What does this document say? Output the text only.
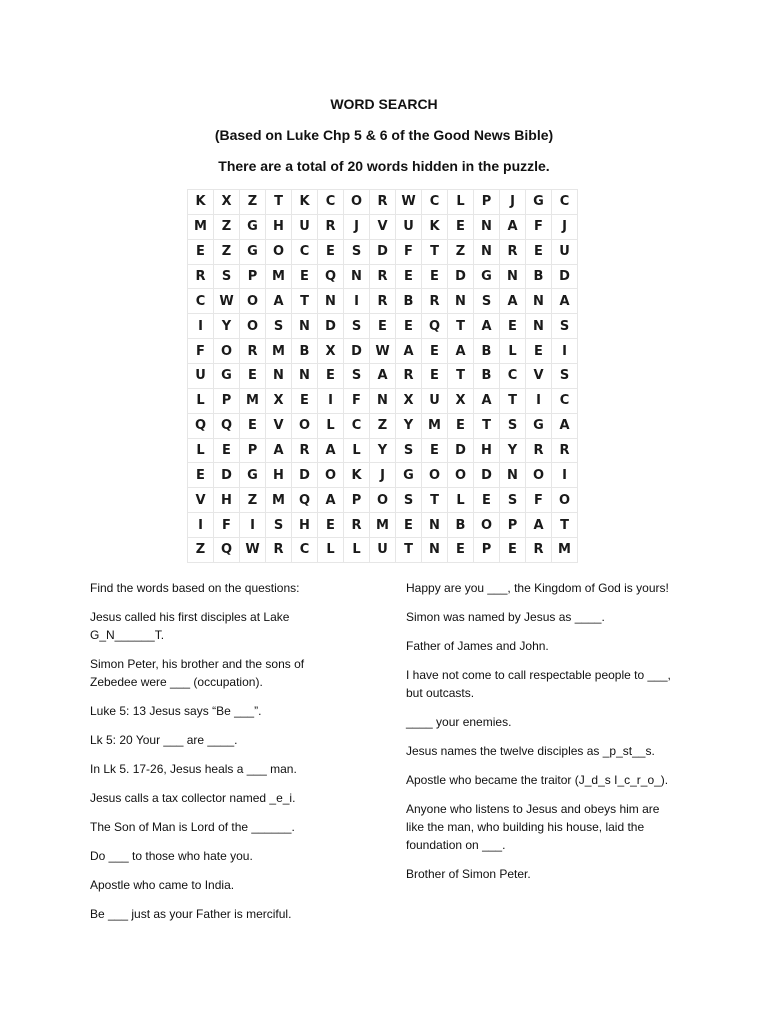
WORD SEARCH
(Based on Luke Chp 5 & 6 of the Good News Bible)
There are a total of 20 words hidden in the puzzle.
K	X	Z	T	K	C	O	R	W	C	L	P	J	G	C
M	Z	G	H	U	R	J	V	U	K	E	N	A	F	J
E	Z	G	O	C	E	S	D	F	T	Z	N	R	E	U
R	S	P	M	E	Q	N	R	E	E	D	G	N	B	D
C	W	O	A	T	N	I	R	B	R	N	S	A	N	A
I	Y	O	S	N	D	S	E	E	Q	T	A	E	N	S
F	O	R	M	B	X	D	W	A	E	A	B	L	E	I
U	G	E	N	N	E	S	A	R	E	T	B	C	V	S
L	P	M	X	E	I	F	N	X	U	X	A	T	I	C
Q	Q	E	V	O	L	C	Z	Y	M	E	T	S	G	A
L	E	P	A	R	A	L	Y	S	E	D	H	Y	R	R
E	D	G	H	D	O	K	J	G	O	O	D	N	O	I
V	H	Z	M	Q	A	P	O	S	T	L	E	S	F	O
I	F	I	S	H	E	R	M	E	N	B	O	P	A	T
Z	Q	W	R	C	L	L	U	T	N	E	P	E	R	M
Find the words based on the questions:
Jesus called his first disciples at Lake G_N______T.
Simon Peter, his brother and the sons of Zebedee were ___ (occupation).
Luke 5: 13 Jesus says “Be ___”.
Lk 5: 20 Your ___ are ____.
In Lk 5. 17-26, Jesus heals a ___ man.
Jesus calls a tax collector named _e_i.
The Son of Man is Lord of the ______.
Do ___ to those who hate you.
Apostle who came to India.
Be ___ just as your Father is merciful.
Happy are you ___, the Kingdom of God is yours!
Simon was named by Jesus as ____.
Father of James and John.
I have not come to call respectable people to ___, but outcasts.
____ your enemies.
Jesus names the twelve disciples as _p_st__s.
Apostle who became the traitor (J_d_s I_c_r_o_).
Anyone who listens to Jesus and obeys him are like the man, who building his house, laid the foundation on ___.
Brother of Simon Peter.
